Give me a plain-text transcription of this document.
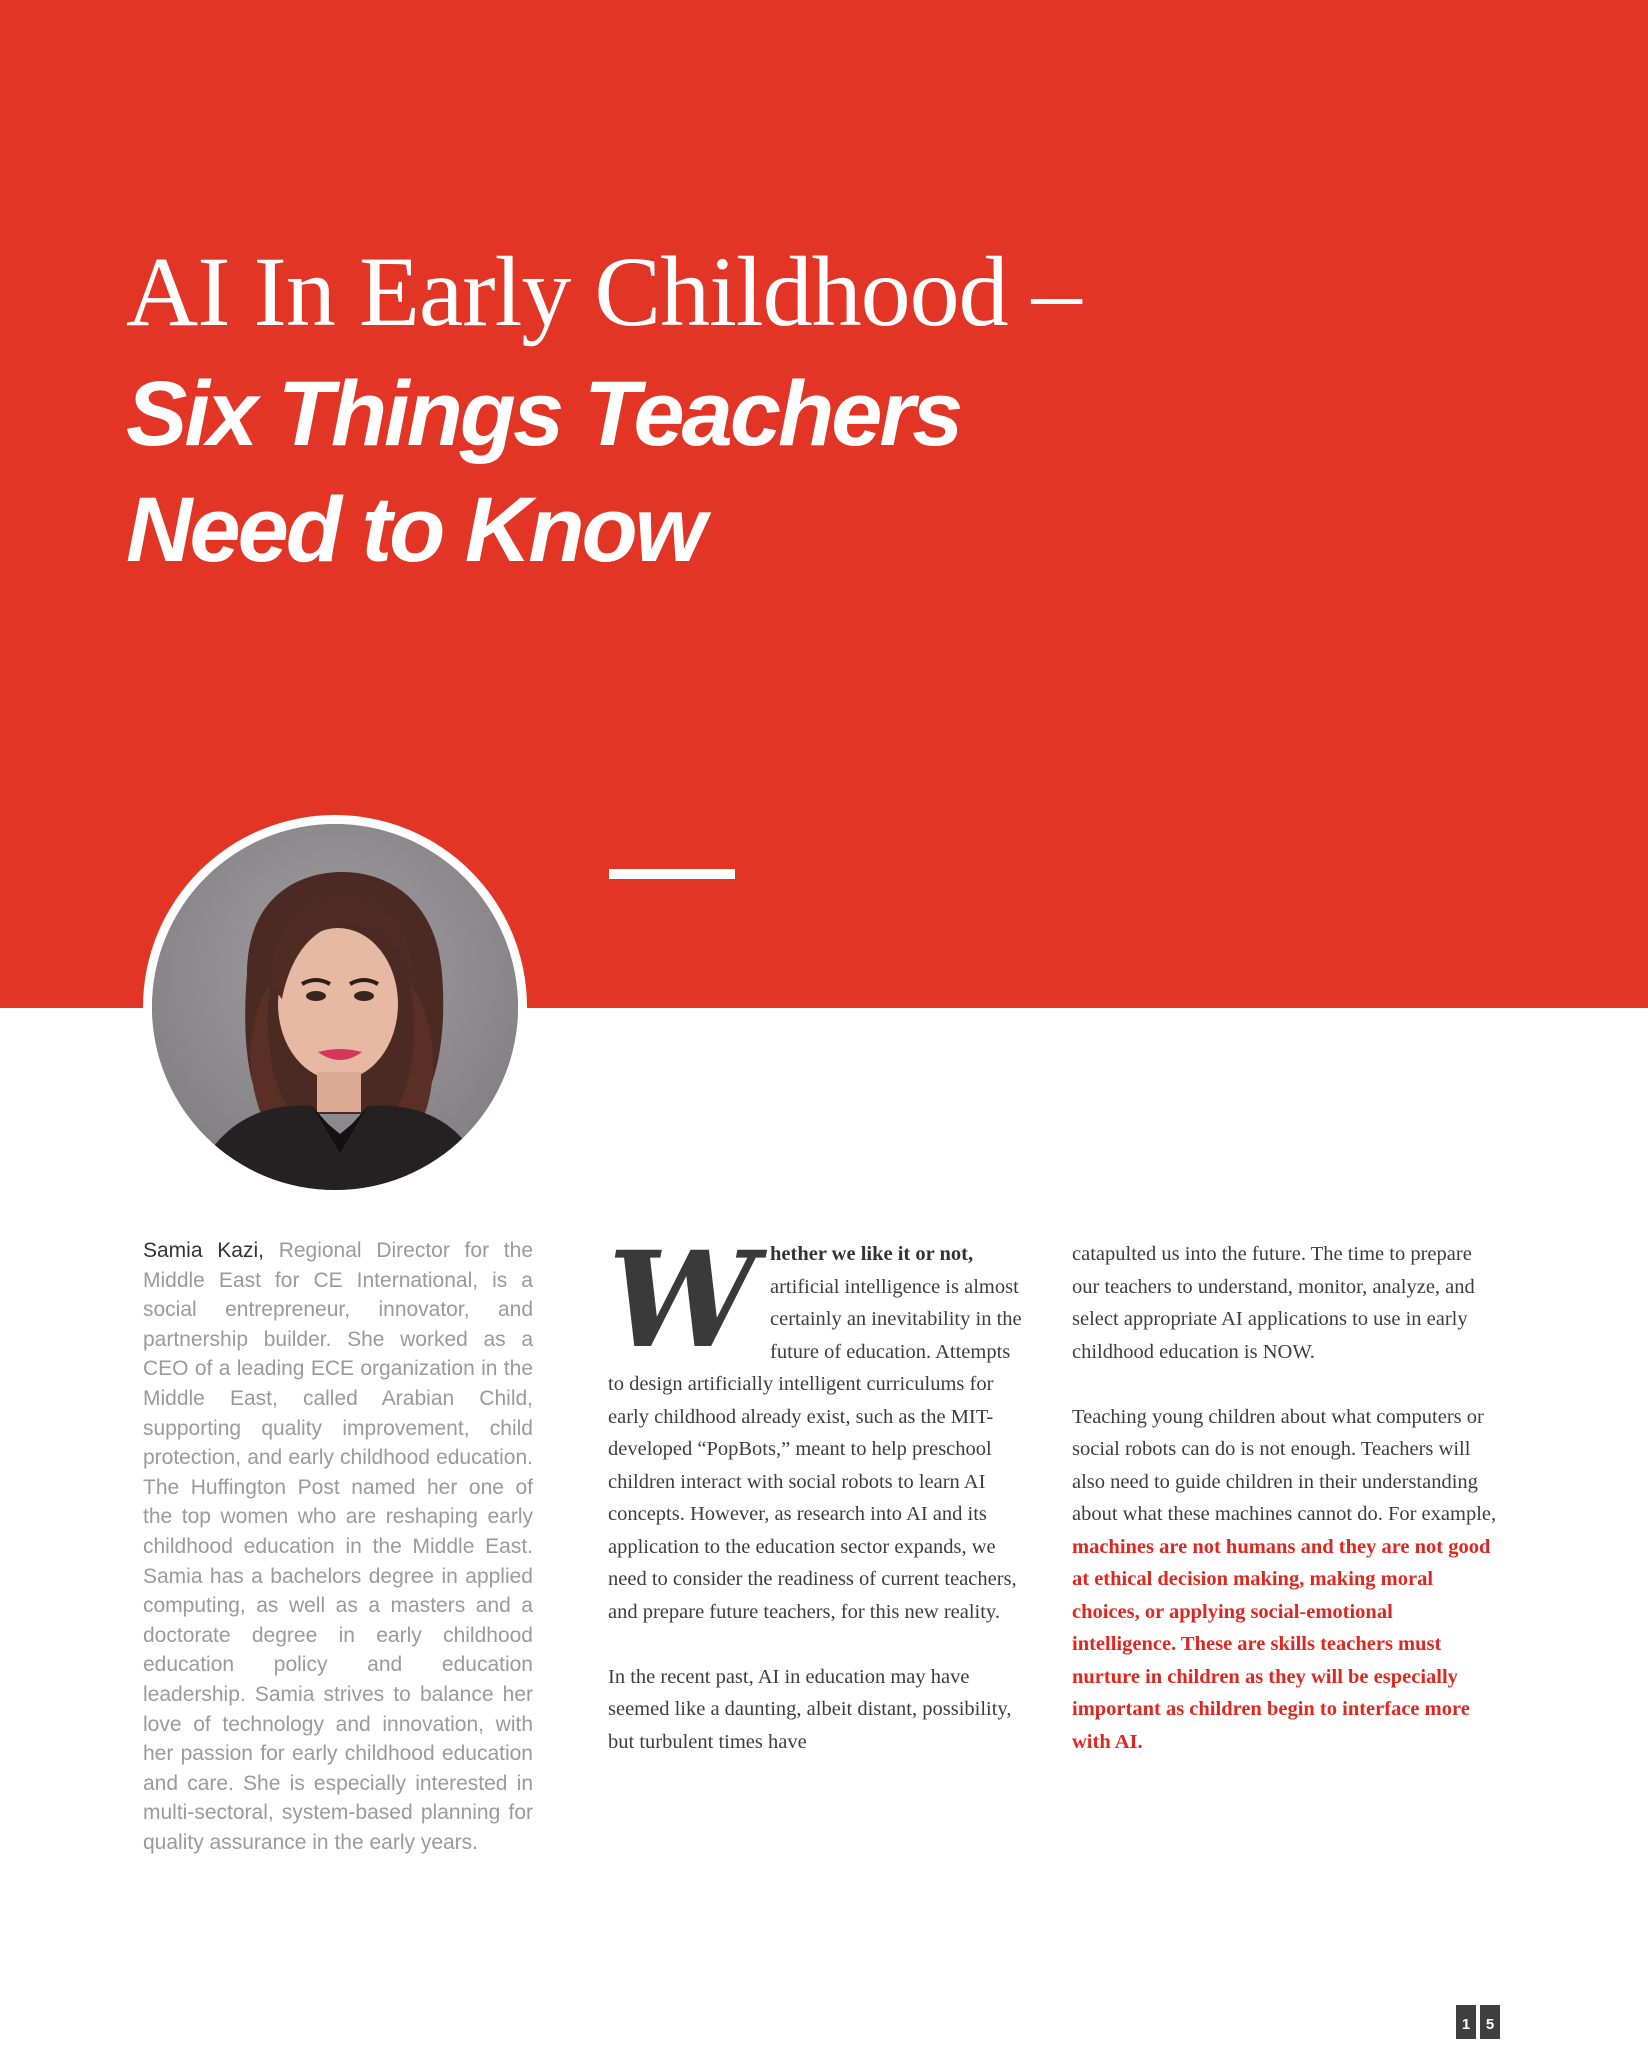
AI In Early Childhood –
Six Things Teachers
Need to Know

Samia Kazi, Regional Director for the Middle East for CE International, is a social entrepreneur, innovator, and partnership builder. She worked as a CEO of a leading ECE organization in the Middle East, called Arabian Child, supporting quality improvement, child protection, and early childhood education. The Huffington Post named her one of the top women who are reshaping early childhood education in the Middle East. Samia has a bachelors degree in applied computing, as well as a masters and a doctorate degree in early childhood education policy and education leadership. Samia strives to balance her love of technology and innovation, with her passion for early childhood education and care. She is especially interested in multi-sectoral, system-based planning for quality assurance in the early years.

W hether we like it or not, artificial intelligence is almost certainly an inevitability in the future of education. Attempts to design artificially intelligent curriculums for early childhood already exist, such as the MIT-developed “PopBots,” meant to help preschool children interact with social robots to learn AI concepts. However, as research into AI and its application to the education sector expands, we need to consider the readiness of current teachers, and prepare future teachers, for this new reality.
In the recent past, AI in education may have seemed like a daunting, albeit distant, possibility, but turbulent times have
catapulted us into the future. The time to prepare our teachers to understand, monitor, analyze, and select appropriate AI applications to use in early childhood education is NOW.
Teaching young children about what computers or social robots can do is not enough. Teachers will also need to guide children in their understanding about what these machines cannot do. For example, machines are not humans and they are not good at ethical decision making, making moral choices, or applying social-emotional intelligence. These are skills teachers must nurture in children as they will be especially important as children begin to interface more with AI.
1	5
